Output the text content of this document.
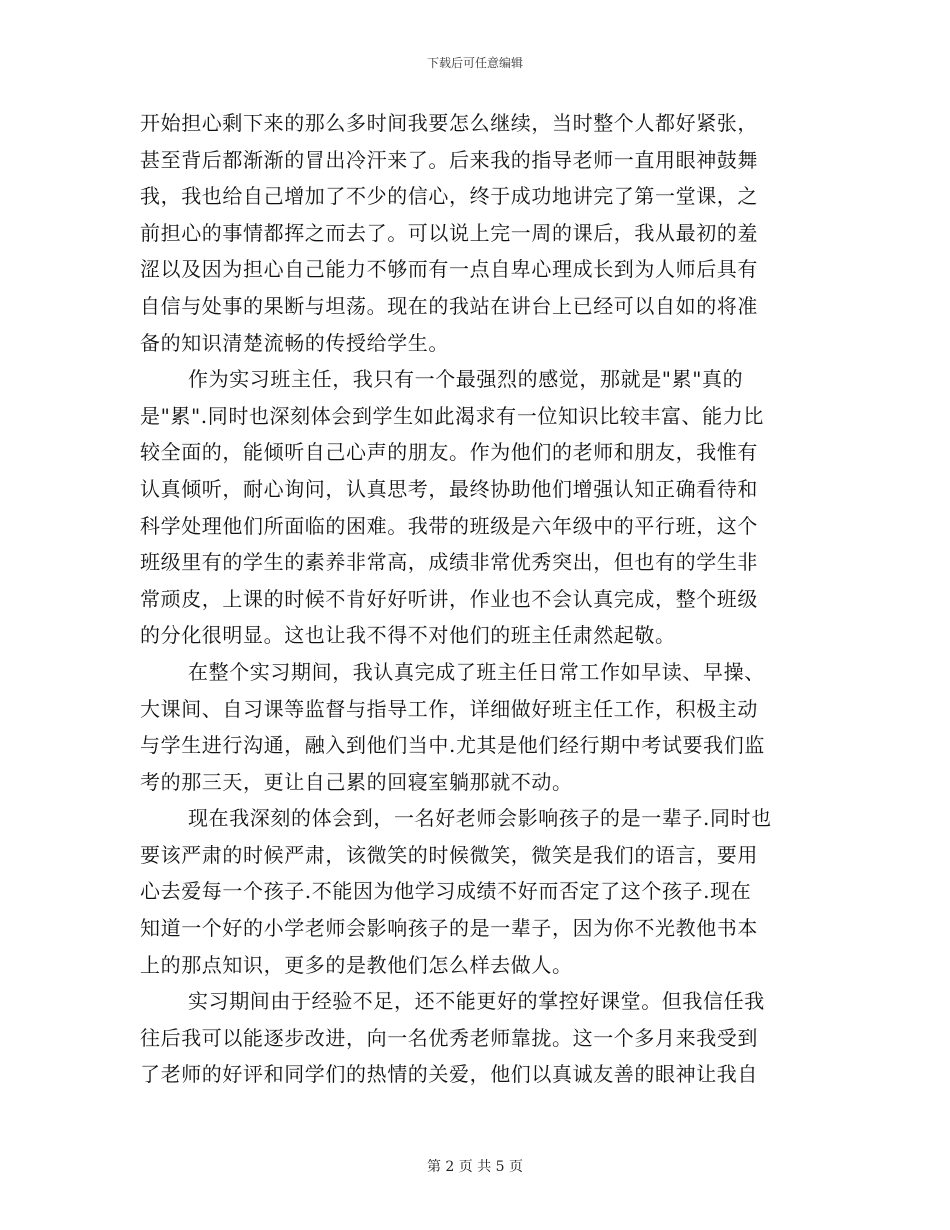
下载后可任意编辑
开始担心剩下来的那么多时间我要怎么继续，当时整个人都好紧张，
甚至背后都渐渐的冒出冷汗来了。后来我的指导老师一直用眼神鼓舞
我，我也给自己增加了不少的信心，终于成功地讲完了第一堂课，之
前担心的事情都挥之而去了。可以说上完一周的课后，我从最初的羞
涩以及因为担心自己能力不够而有一点自卑心理成长到为人师后具有
自信与处事的果断与坦荡。现在的我站在讲台上已经可以自如的将准
备的知识清楚流畅的传授给学生。
作为实习班主任，我只有一个最强烈的感觉，那就是"累"真的
是"累".同时也深刻体会到学生如此渴求有一位知识比较丰富、能力比
较全面的，能倾听自己心声的朋友。作为他们的老师和朋友，我惟有
认真倾听，耐心询问，认真思考，最终协助他们增强认知正确看待和
科学处理他们所面临的困难。我带的班级是六年级中的平行班，这个
班级里有的学生的素养非常高，成绩非常优秀突出，但也有的学生非
常顽皮，上课的时候不肯好好听讲，作业也不会认真完成，整个班级
的分化很明显。这也让我不得不对他们的班主任肃然起敬。
在整个实习期间，我认真完成了班主任日常工作如早读、早操、
大课间、自习课等监督与指导工作，详细做好班主任工作，积极主动
与学生进行沟通，融入到他们当中.尤其是他们经行期中考试要我们监
考的那三天，更让自己累的回寝室躺那就不动。
现在我深刻的体会到，一名好老师会影响孩子的是一辈子.同时也
要该严肃的时候严肃，该微笑的时候微笑，微笑是我们的语言，要用
心去爱每一个孩子.不能因为他学习成绩不好而否定了这个孩子.现在
知道一个好的小学老师会影响孩子的是一辈子，因为你不光教他书本
上的那点知识，更多的是教他们怎么样去做人。
实习期间由于经验不足，还不能更好的掌控好课堂。但我信任我
往后我可以能逐步改进，向一名优秀老师靠拢。这一个多月来我受到
了老师的好评和同学们的热情的关爱，他们以真诚友善的眼神让我自
第 2 页 共 5 页
